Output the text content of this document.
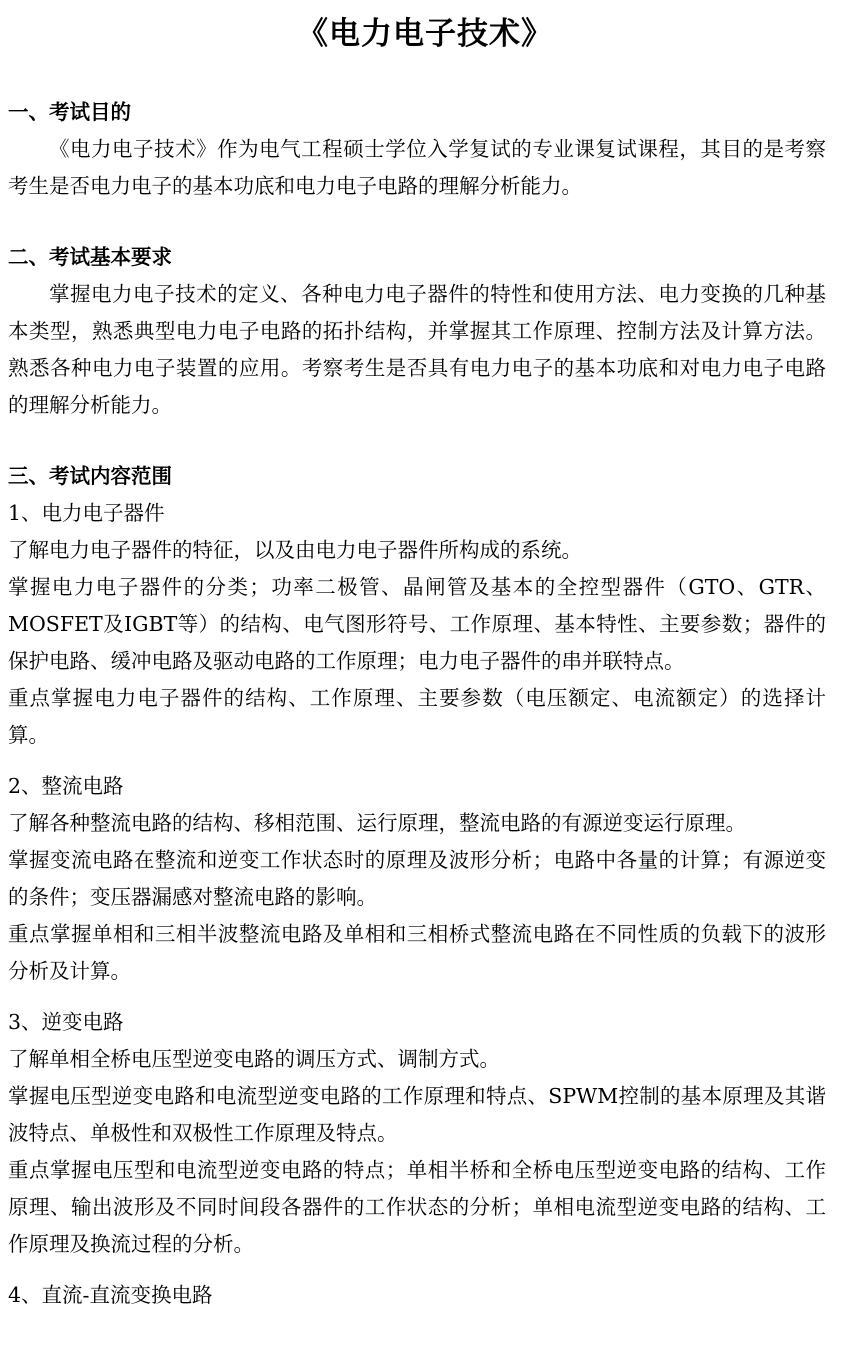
《电力电子技术》

一、考试目的

《电力电子技术》作为电气工程硕士学位入学复试的专业课复试课程，其目的是考察考生是否电力电子的基本功底和电力电子电路的理解分析能力。

二、考试基本要求

掌握电力电子技术的定义、各种电力电子器件的特性和使用方法、电力变换的几种基本类型，熟悉典型电力电子电路的拓扑结构，并掌握其工作原理、控制方法及计算方法。熟悉各种电力电子装置的应用。考察考生是否具有电力电子的基本功底和对电力电子电路的理解分析能力。

三、考试内容范围

1、电力电子器件

了解电力电子器件的特征，以及由电力电子器件所构成的系统。

掌握电力电子器件的分类；功率二极管、晶闸管及基本的全控型器件（GTO、GTR、MOSFET及IGBT等）的结构、电气图形符号、工作原理、基本特性、主要参数；器件的保护电路、缓冲电路及驱动电路的工作原理；电力电子器件的串并联特点。

重点掌握电力电子器件的结构、工作原理、主要参数（电压额定、电流额定）的选择计算。

2、整流电路

了解各种整流电路的结构、移相范围、运行原理，整流电路的有源逆变运行原理。

掌握变流电路在整流和逆变工作状态时的原理及波形分析；电路中各量的计算；有源逆变的条件；变压器漏感对整流电路的影响。

重点掌握单相和三相半波整流电路及单相和三相桥式整流电路在不同性质的负载下的波形分析及计算。

3、逆变电路

了解单相全桥电压型逆变电路的调压方式、调制方式。

掌握电压型逆变电路和电流型逆变电路的工作原理和特点、SPWM控制的基本原理及其谐波特点、单极性和双极性工作原理及特点。

重点掌握电压型和电流型逆变电路的特点；单相半桥和全桥电压型逆变电路的结构、工作原理、输出波形及不同时间段各器件的工作状态的分析；单相电流型逆变电路的结构、工作原理及换流过程的分析。

4、直流-直流变换电路
